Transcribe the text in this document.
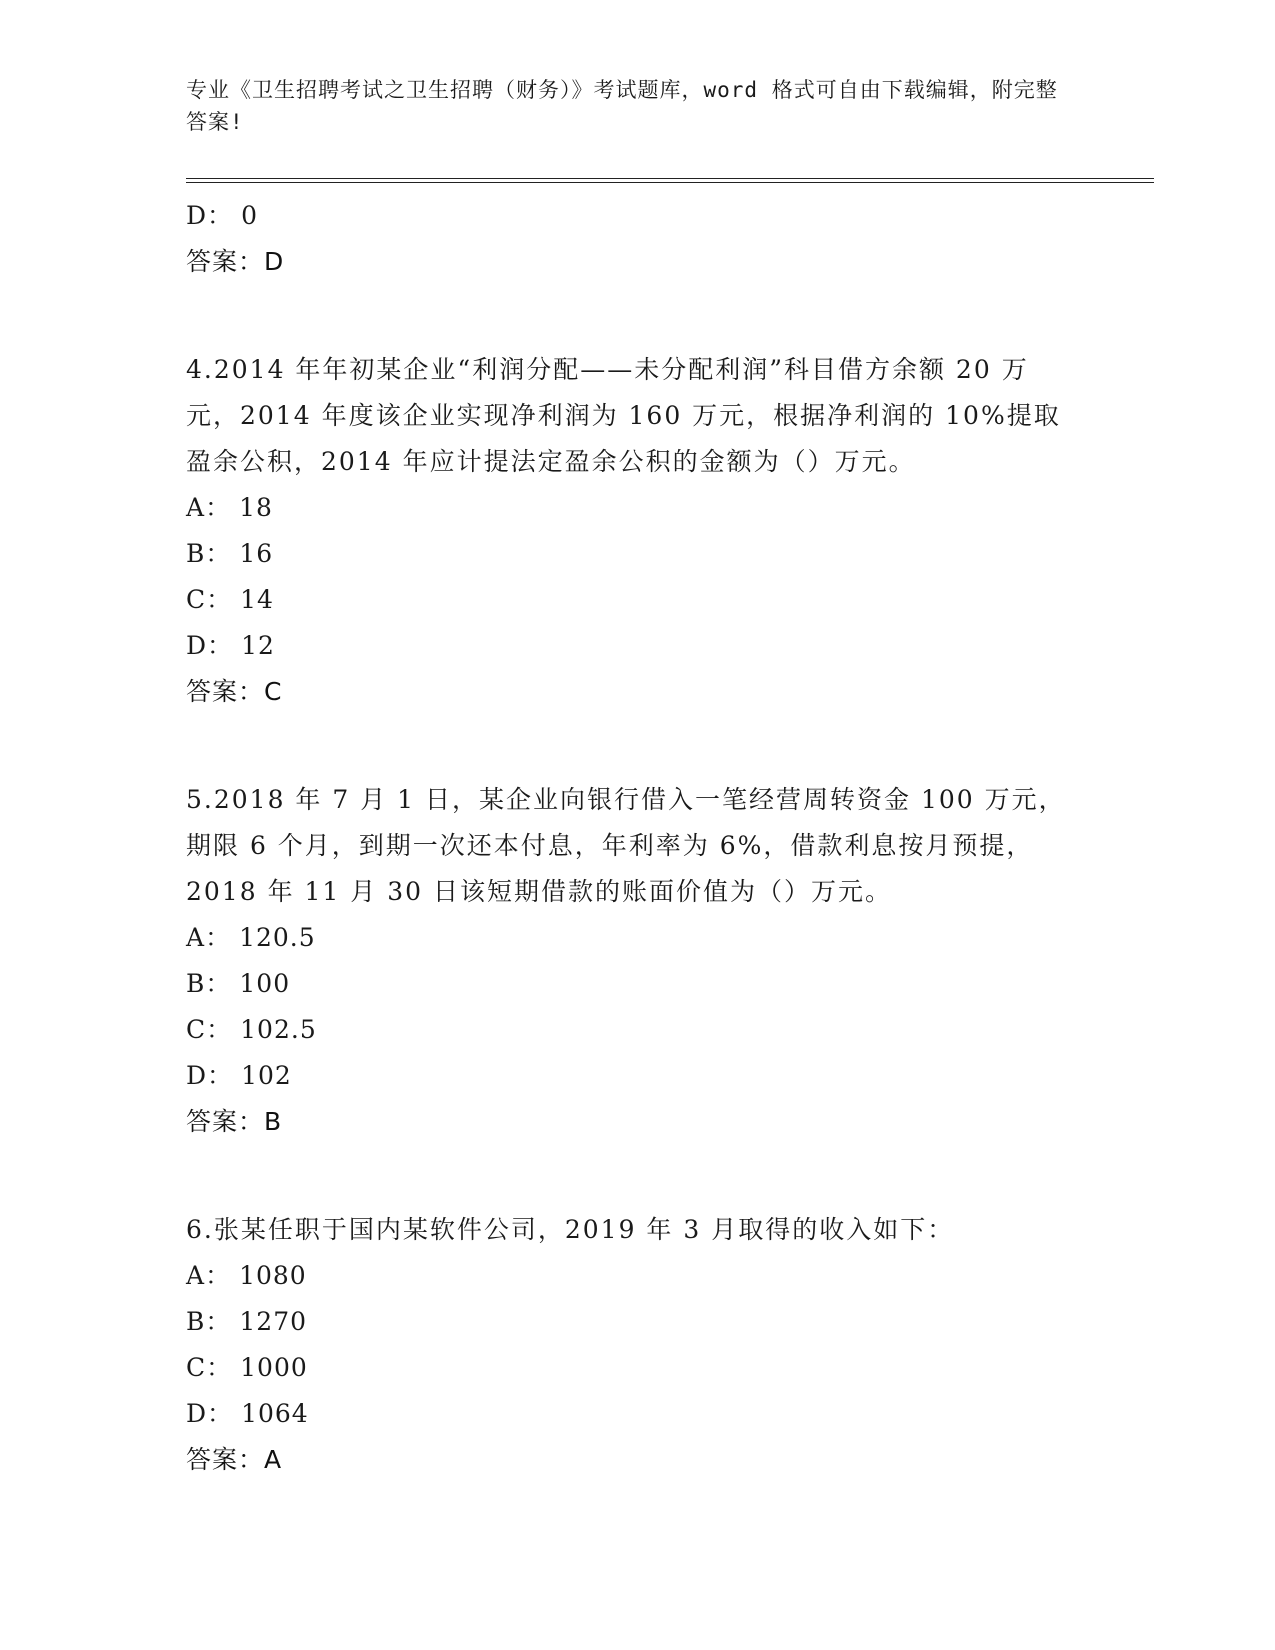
专业《卫生招聘考试之卫生招聘（财务）》考试题库，word 格式可自由下载编辑，附完整答案!
D： 0
答案：D
4.2014 年年初某企业“利润分配——未分配利润”科目借方余额 20 万元，2014 年度该企业实现净利润为 160 万元，根据净利润的 10%提取盈余公积，2014 年应计提法定盈余公积的金额为（）万元。
A： 18
B： 16
C： 14
D： 12
答案：C
5.2018 年 7 月 1 日，某企业向银行借入一笔经营周转资金 100 万元，期限 6 个月，到期一次还本付息，年利率为 6%，借款利息按月预提，2018 年 11 月 30 日该短期借款的账面价值为（）万元。
A： 120.5
B： 100
C： 102.5
D： 102
答案：B
6.张某任职于国内某软件公司，2019 年 3 月取得的收入如下：
A： 1080
B： 1270
C： 1000
D： 1064
答案：A
